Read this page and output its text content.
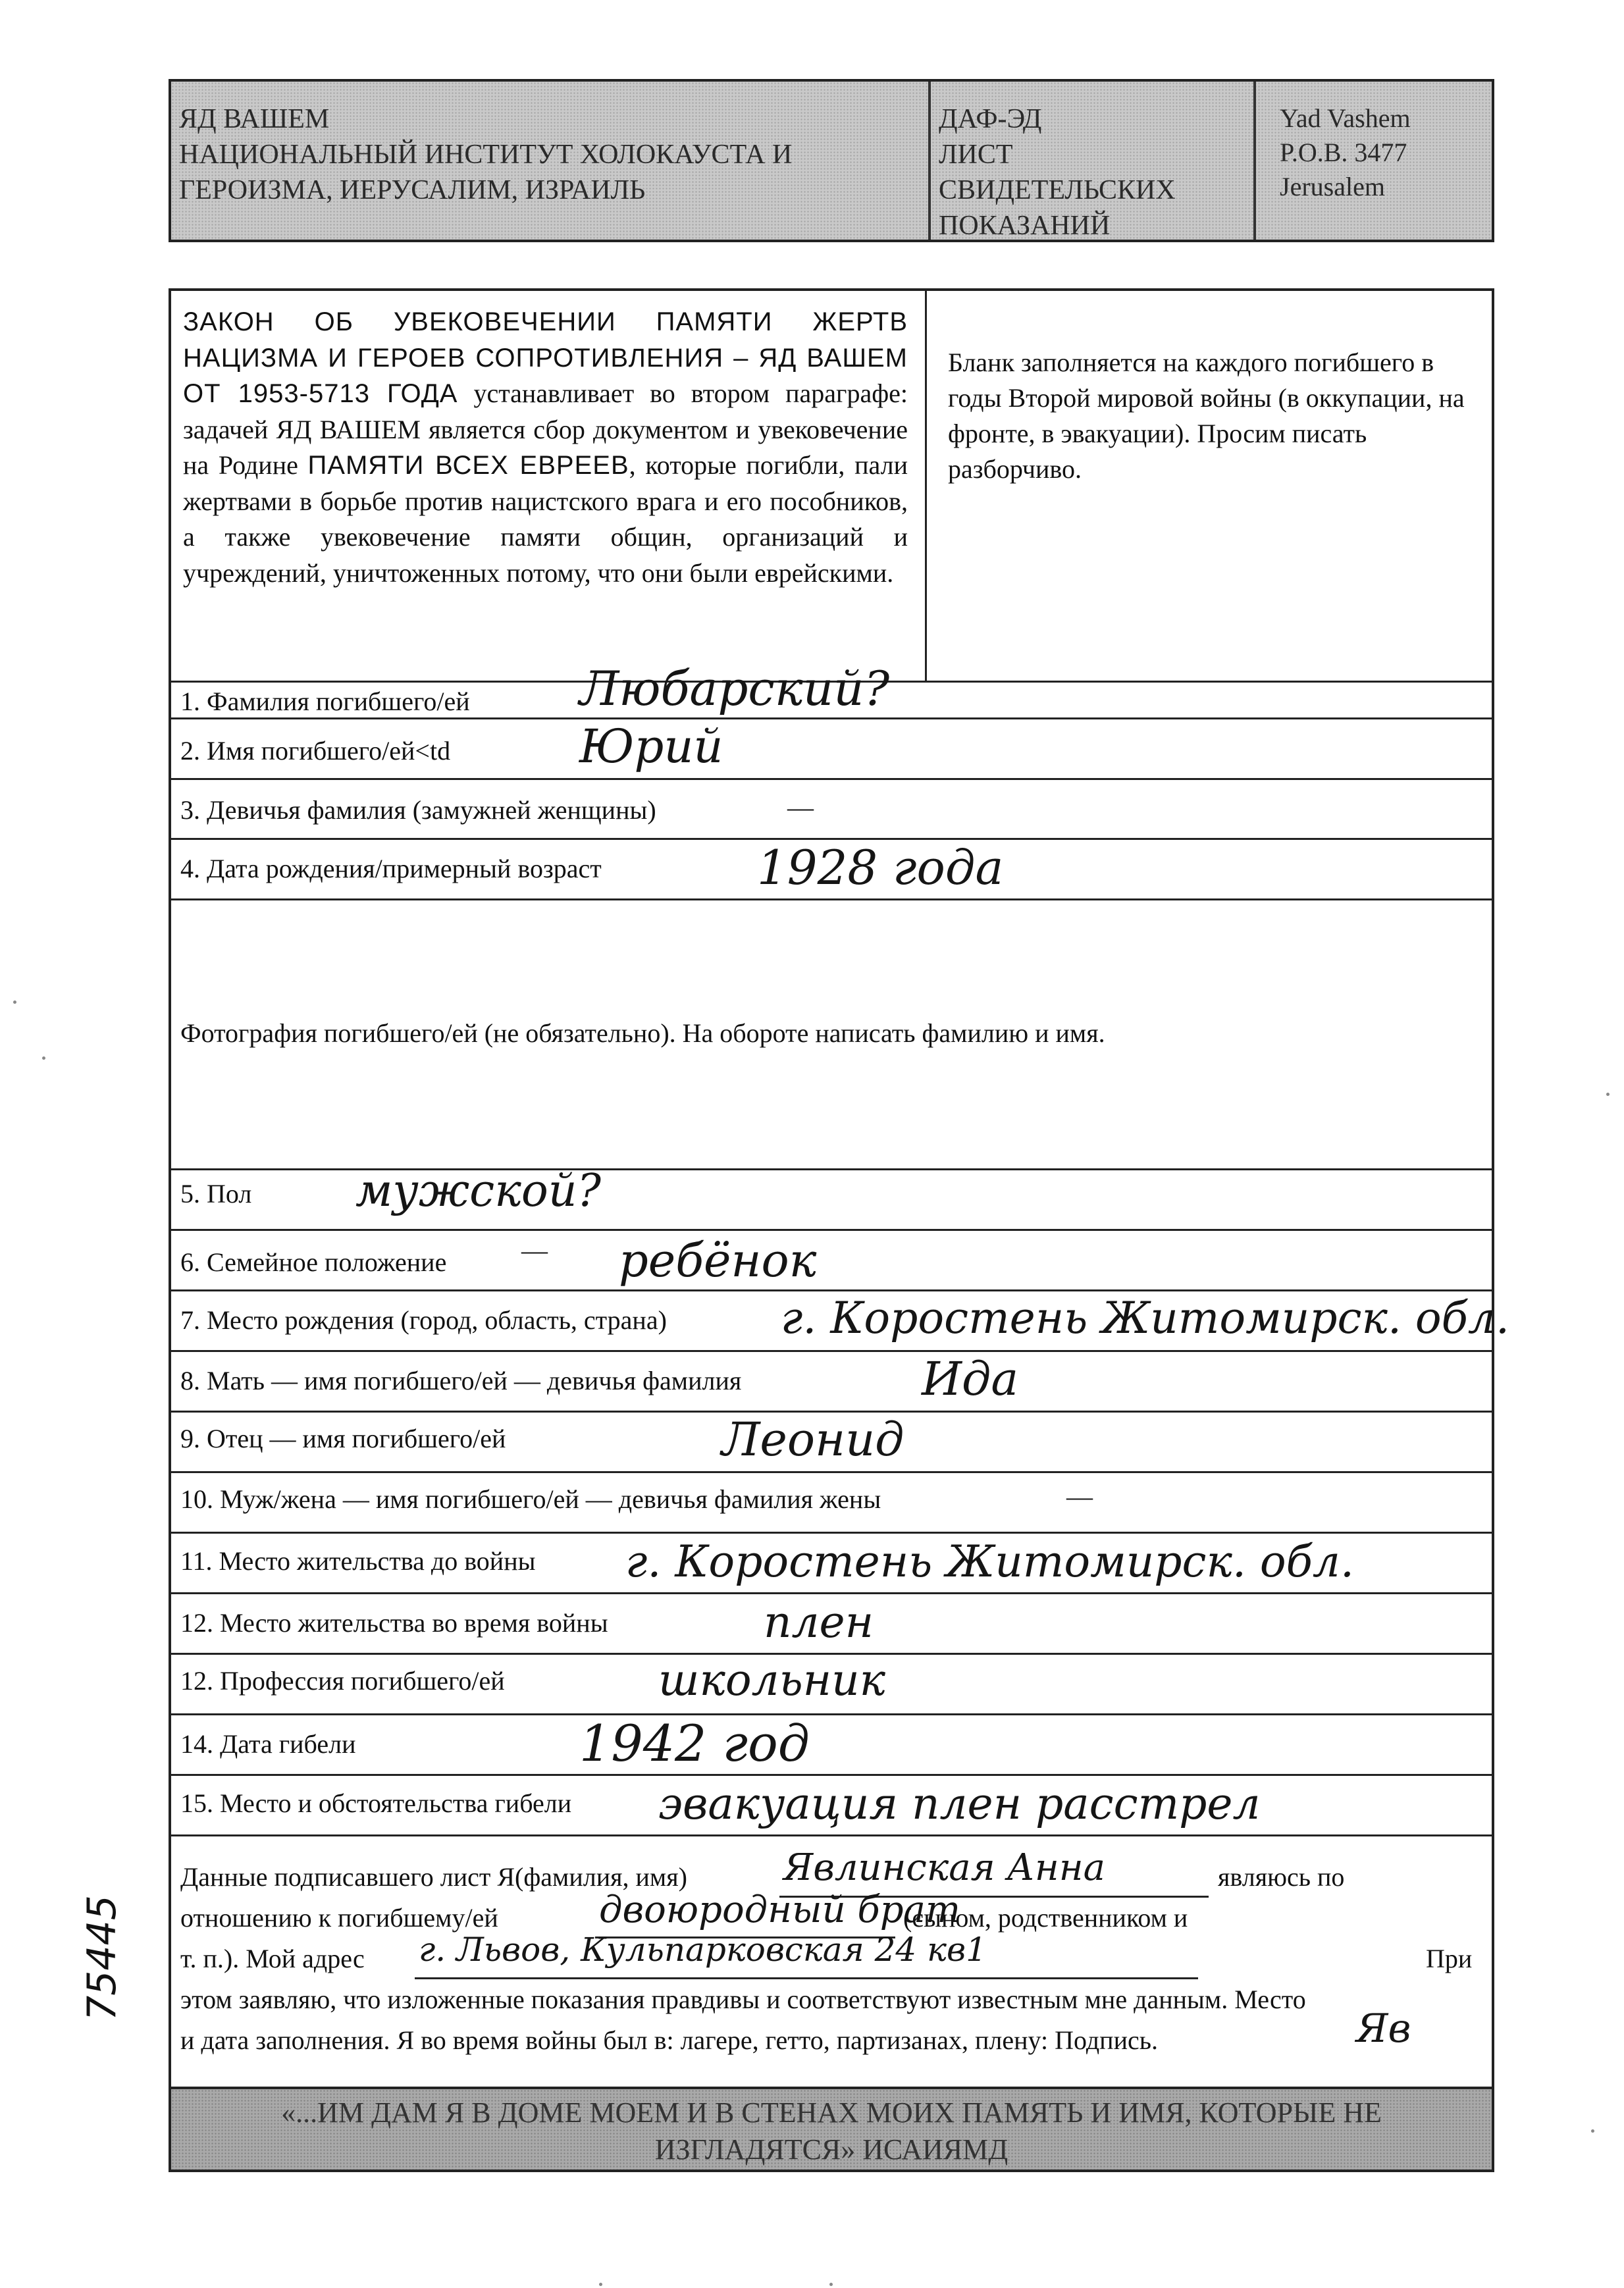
ЯД ВАШЕМ
НАЦИОНАЛЬНЫЙ ИНСТИТУТ ХОЛОКАУСТА И
ГЕРОИЗМА, ИЕРУСАЛИМ, ИЗРАИЛЬ
ДАФ-ЭД
ЛИСТ
СВИДЕТЕЛЬСКИХ
ПОКАЗАНИЙ
Yad Vashem
P.O.B. 3477
Jerusalem
ЗАКОН ОБ УВЕКОВЕЧЕНИИ ПАМЯТИ ЖЕРТВ НАЦИЗМА И ГЕРОЕВ СОПРОТИВЛЕНИЯ – ЯД ВАШЕМ ОТ 1953-5713 ГОДА устанавливает во втором параграфе: задачей ЯД ВАШЕМ является сбор документом и увековечение на Родине ПАМЯТИ ВСЕХ ЕВРЕЕВ, которые погибли, пали жертвами в борьбе против нацистского врага и его пособников, а также увековечение памяти общин, организаций и учреждений, уничтоженных потому, что они были еврейскими.
Бланк заполняется на каждого погибшего в годы Второй мировой войны (в оккупации, на фронте, в эвакуации). Просим писать разборчиво.
1. Фамилия погибшего/ей Любарский?
2. Имя погибшего/ей<td	Юрий
3. Девичья фамилия (замужней женщины)	—
4. Дата рождения/примерный возраст	1928 года
Фотография погибшего/ей (не обязательно). На обороте написать фамилию и имя.
5. Пол мужской?
6. Семейное положение	— ребёнок
7. Место рождения (город, область, страна)	г. Коростень Житомирск. обл.
8. Мать — имя погибшего/ей — девичья фамилия	Ида
9. Отец — имя погибшего/ей	Леонид
10. Муж/жена — имя погибшего/ей — девичья фамилия жены	—
11. Место жительства до войны г. Коростень Житомирск. обл.
12. Место жительства во время войны	плен
12. Профессия погибшего/ей	школьник
14. Дата гибели	1942 год
15. Место и обстоятельства гибели эвакуация плен расстрел
Данные подписавшего лист Я(фамилия, имя)	Явлинская Анна	являюсь по
отношению к погибшему/ей	двоюродный брат
(сыном, родственником и
т. п.). Мой адрес г. Львов, Кульпарковская 24 кв1	При
этом заявляю, что изложенные показания правдивы и соответствуют известным мне данным. Место
и дата заполнения. Я во время войны был в: лагере, гетто, партизанах, плену: Подпись.	Яв
«...ИМ ДАМ Я В ДОМЕ МОЕМ И В СТЕНАХ МОИХ ПАМЯТЬ И ИМЯ, КОТОРЫЕ НЕ
ИЗГЛАДЯТСЯ» ИСАИЯМД
75445
